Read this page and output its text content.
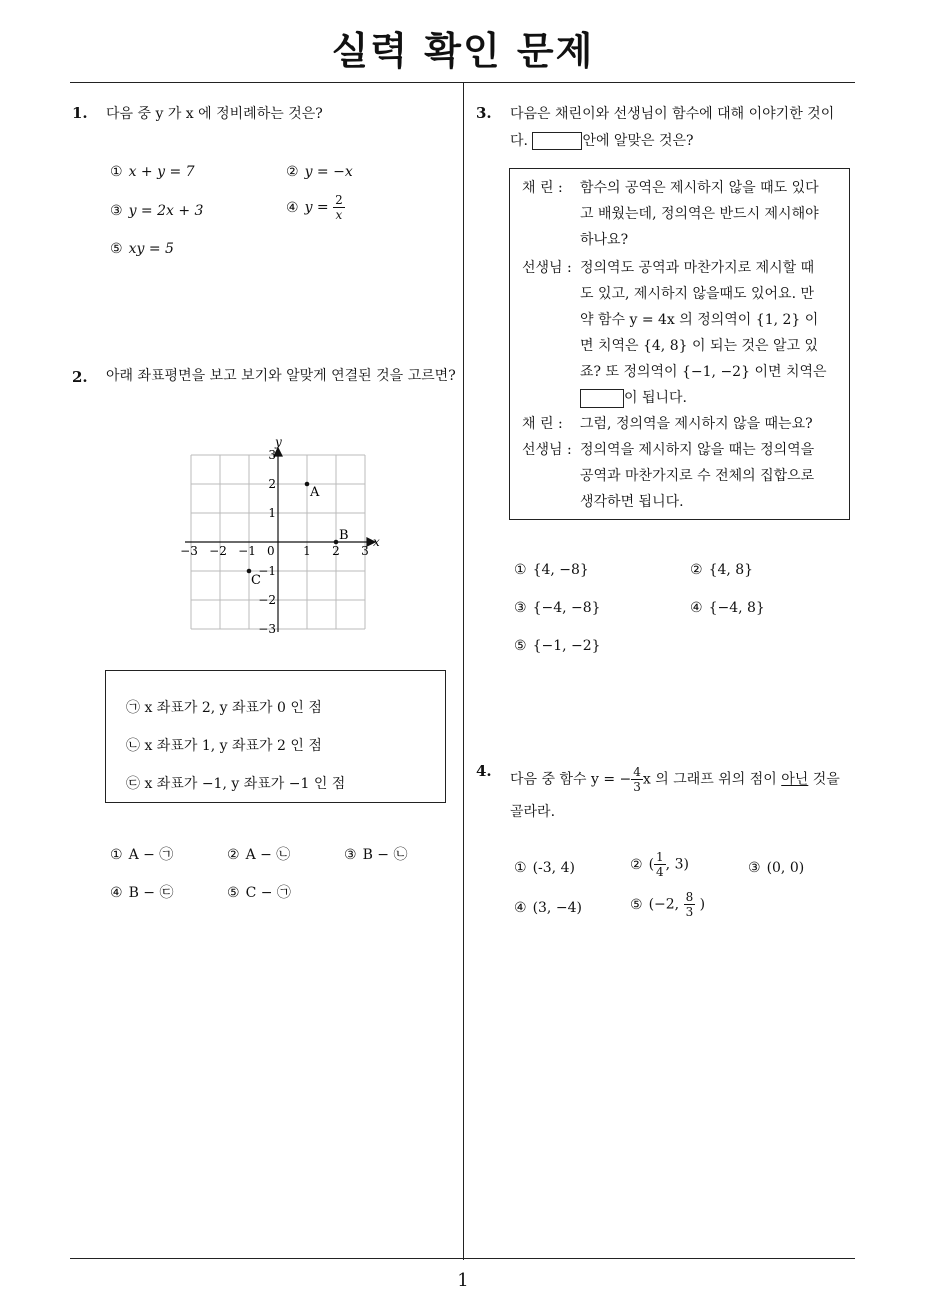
실력 확인 문제
1
1. 다음 중 y 가 x 에 정비례하는 것은?
① x + y = 7	② y = −x
③ y = 2x + 3	④ $y = \frac{2}{x}$
⑤ xy = 5
2. 아래 좌표평면을 보고 보기와 알맞게 연결된 것을 고르면?
x
y
0
−3 −2 −1	1 2 3
3
2
1
−1
−2
−3
A
B
C
㉠ x 좌표가 2, y 좌표가 0 인 점
㉡ x 좌표가 1, y 좌표가 2 인 점
㉢ x 좌표가 −1, y 좌표가 −1 인 점
① A − ㉠	② A − ㉡	③ B − ㉡
④ B − ㉢	⑤ C − ㉠
3. 다음은 채린이와 선생님이 함수에 대해 이야기한 것이
다.	안에 알맞은 것은?
채 린 :	함수의 공역은 제시하지 않을 때도 있다
고 배웠는데, 정의역은 반드시 제시해야
하나요?
선생님 : 정의역도 공역과 마찬가지로 제시할 때
도 있고, 제시하지 않을때도 있어요. 만
약 함수 y = 4x 의 정의역이 {1, 2} 이
면 치역은 {4, 8} 이 되는 것은 알고 있
죠? 또 정의역이 {−1, −2} 이면 치역은
이 됩니다.
채 린 :	그럼, 정의역을 제시하지 않을 때는요?
선생님 : 정의역을 제시하지 않을 때는 정의역을
공역과 마찬가지로 수 전체의 집합으로
생각하면 됩니다.
① {4, −8}	② {4, 8}
③ {−4, −8}	④ {−4, 8}
⑤ {−1, −2}
4. 다음 중 함수 y = − $\frac{4}{3}$ x 의 그래프 위의 점이 아닌 것을
골라라.
① (-3, 4)	② ( $\frac{1}{4}$ , 3)	③ (0, 0)
④ (3, −4)	⑤ (−2, $\frac{8}{3}$ )
